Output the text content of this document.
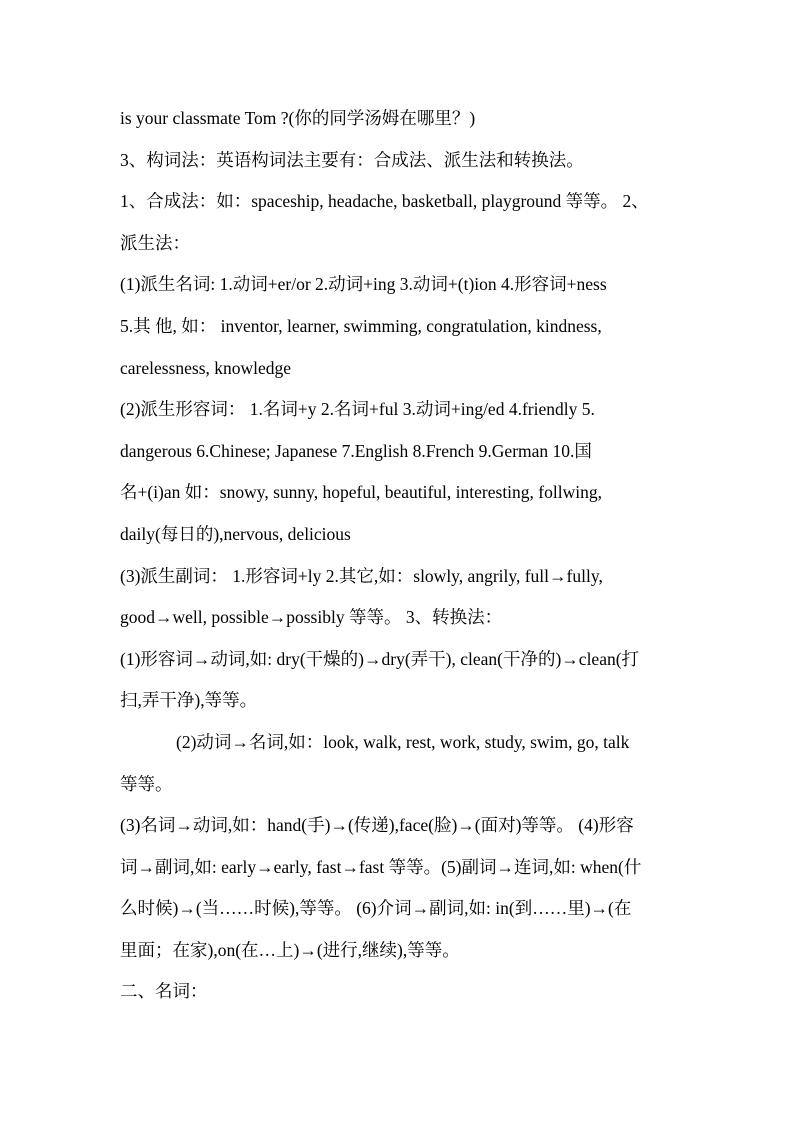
is your classmate Tom ?(你的同学汤姆在哪里？)
3、构词法：英语构词法主要有：合成法、派生法和转换法。
1、合成法：如：spaceship, headache, basketball, playground 等等。 2、
派生法：
(1)派生名词: 1.动词+er/or 2.动词+ing 3.动词+(t)ion 4.形容词+ness
5.其 他, 如： inventor, learner, swimming, congratulation, kindness,
carelessness, knowledge
(2)派生形容词： 1.名词+y 2.名词+ful 3.动词+ing/ed 4.friendly 5.
dangerous 6.Chinese; Japanese 7.English 8.French 9.German 10.国
名+(i)an 如：snowy, sunny, hopeful, beautiful, interesting, follwing,
daily(每日的),nervous, delicious
(3)派生副词： 1.形容词+ly 2.其它,如：slowly, angrily, full→fully,
good→well, possible→possibly 等等。 3、转换法：
(1)形容词→动词,如: dry(干燥的)→dry(弄干), clean(干净的)→clean(打
扫,弄干净),等等。
(2)动词→名词,如：look, walk, rest, work, study, swim, go, talk
等等。
(3)名词→动词,如：hand(手)→(传递),face(脸)→(面对)等等。 (4)形容
词→副词,如: early→early, fast→fast 等等。(5)副词→连词,如: when(什
么时候)→(当……时候),等等。 (6)介词→副词,如: in(到……里)→(在
里面；在家),on(在…上)→(进行,继续),等等。
二、名词：
